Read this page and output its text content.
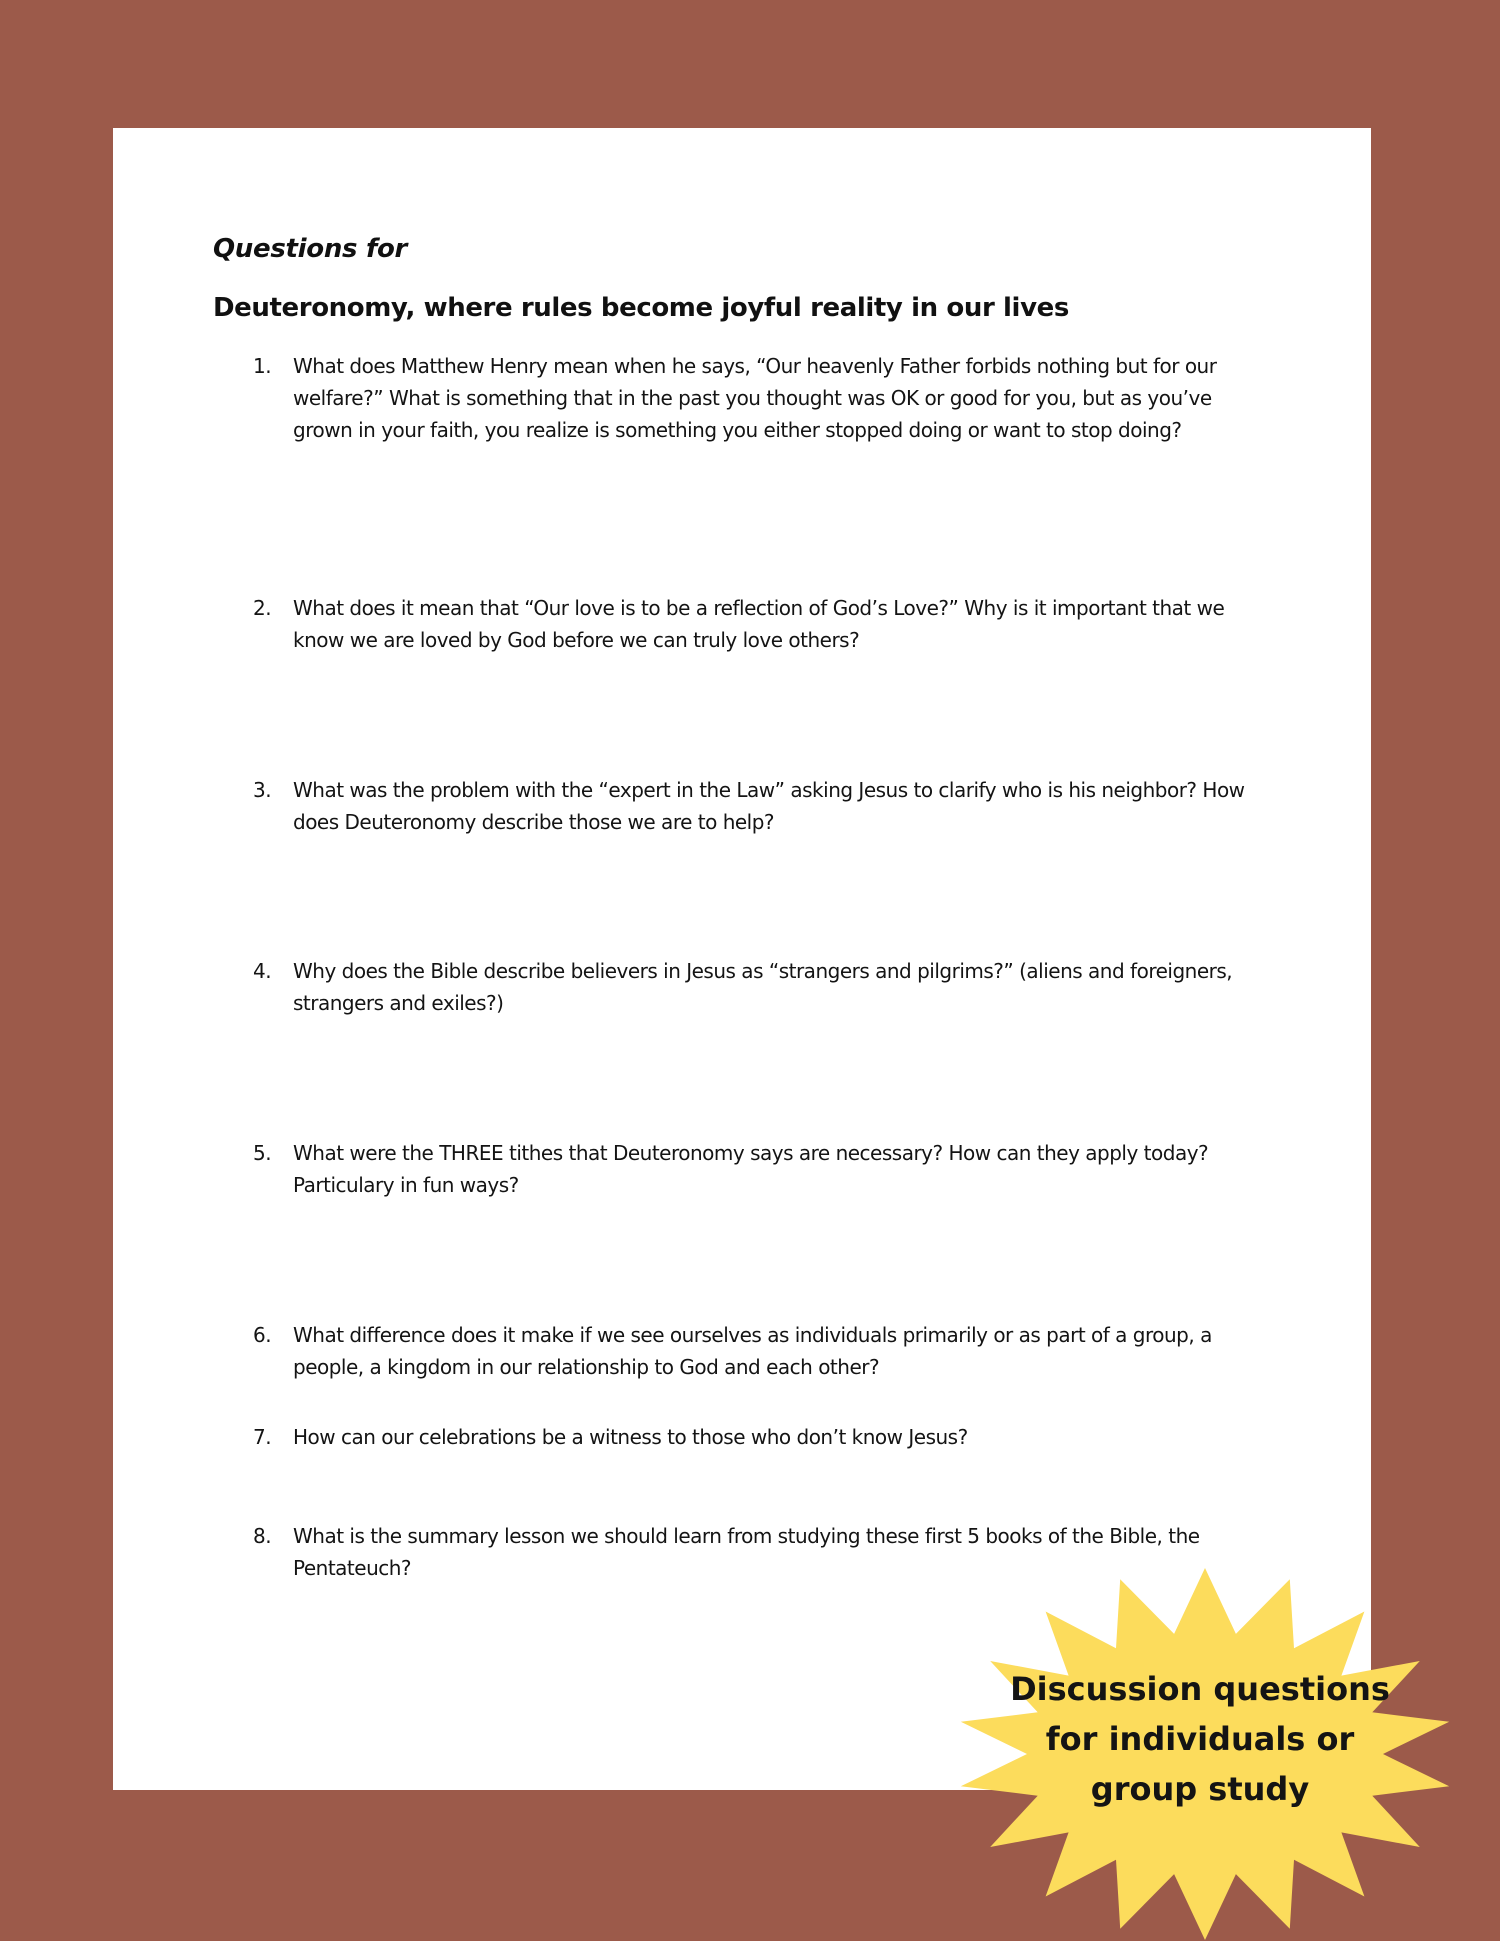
Questions for
Deuteronomy, where rules become joyful reality in our lives
1. What does Matthew Henry mean when he says, “Our heavenly Father forbids nothing but for our welfare?” What is something that in the past you thought was OK or good for you, but as you’ve grown in your faith, you realize is something you either stopped doing or want to stop doing?
2. What does it mean that “Our love is to be a reflection of God’s Love?” Why is it important that we know we are loved by God before we can truly love others?
3. What was the problem with the “expert in the Law” asking Jesus to clarify who is his neighbor? How does Deuteronomy describe those we are to help?
4. Why does the Bible describe believers in Jesus as “strangers and pilgrims?” (aliens and foreigners, strangers and exiles?)
5. What were the THREE tithes that Deuteronomy says are necessary? How can they apply today? Particulary in fun ways?
6. What difference does it make if we see ourselves as individuals primarily or as part of a group, a people, a kingdom in our relationship to God and each other?
7. How can our celebrations be a witness to those who don’t know Jesus?
8. What is the summary lesson we should learn from studying these first 5 books of the Bible, the Pentateuch?
Discussion questions
for individuals or
group study
